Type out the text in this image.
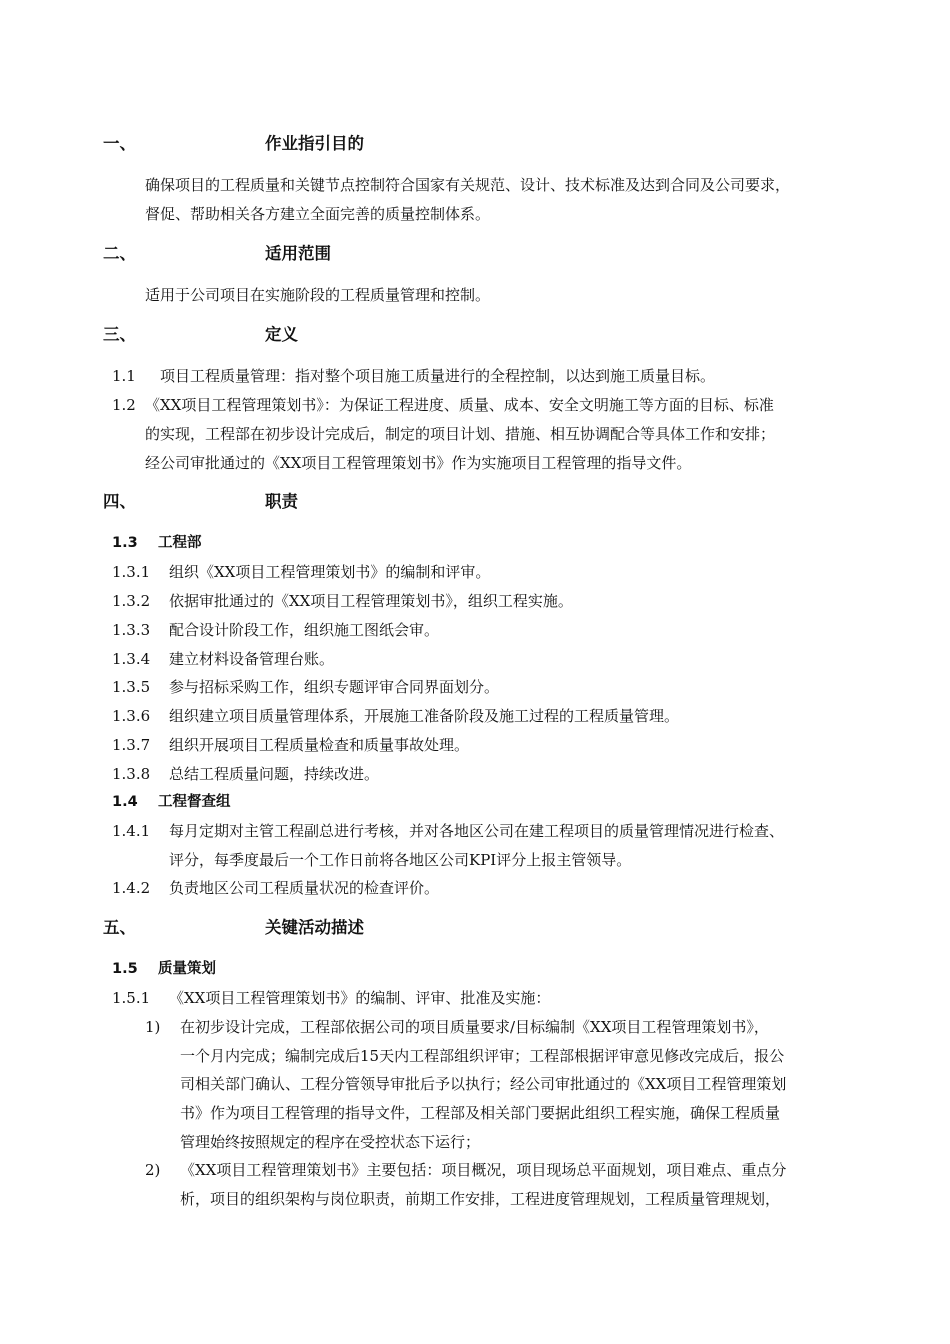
一、	作业指引目的
确保项目的工程质量和关键节点控制符合国家有关规范、设计、技术标准及达到合同及公司要求，
督促、帮助相关各方建立全面完善的质量控制体系。
二、	适用范围
适用于公司项目在实施阶段的工程质量管理和控制。
三、	定义
1.1 项目工程质量管理：指对整个项目施工质量进行的全程控制，以达到施工质量目标。
1.2 《XX项目工程管理策划书》：为保证工程进度、质量、成本、安全文明施工等方面的目标、标准
的实现，工程部在初步设计完成后，制定的项目计划、措施、相互协调配合等具体工作和安排；
经公司审批通过的《XX项目工程管理策划书》作为实施项目工程管理的指导文件。
四、	职责
1.3 工程部
1.3.1 组织《XX项目工程管理策划书》的编制和评审。
1.3.2 依据审批通过的《XX项目工程管理策划书》，组织工程实施。
1.3.3 配合设计阶段工作，组织施工图纸会审。
1.3.4 建立材料设备管理台账。
1.3.5 参与招标采购工作，组织专题评审合同界面划分。
1.3.6 组织建立项目质量管理体系，开展施工准备阶段及施工过程的工程质量管理。
1.3.7 组织开展项目工程质量检查和质量事故处理。
1.3.8 总结工程质量问题，持续改进。
1.4 工程督查组
1.4.1 每月定期对主管工程副总进行考核，并对各地区公司在建工程项目的质量管理情况进行检查、
评分，每季度最后一个工作日前将各地区公司KPI评分上报主管领导。
1.4.2 负责地区公司工程质量状况的检查评价。
五、	关键活动描述
1.5 质量策划
1.5.1 《XX项目工程管理策划书》的编制、评审、批准及实施：
1) 在初步设计完成，工程部依据公司的项目质量要求/目标编制《XX项目工程管理策划书》，
一个月内完成；编制完成后15天内工程部组织评审；工程部根据评审意见修改完成后，报公
司相关部门确认、工程分管领导审批后予以执行；经公司审批通过的《XX项目工程管理策划
书》作为项目工程管理的指导文件，工程部及相关部门要据此组织工程实施，确保工程质量
管理始终按照规定的程序在受控状态下运行；
2) 《XX项目工程管理策划书》主要包括：项目概况，项目现场总平面规划，项目难点、重点分
析，项目的组织架构与岗位职责，前期工作安排，工程进度管理规划，工程质量管理规划，
